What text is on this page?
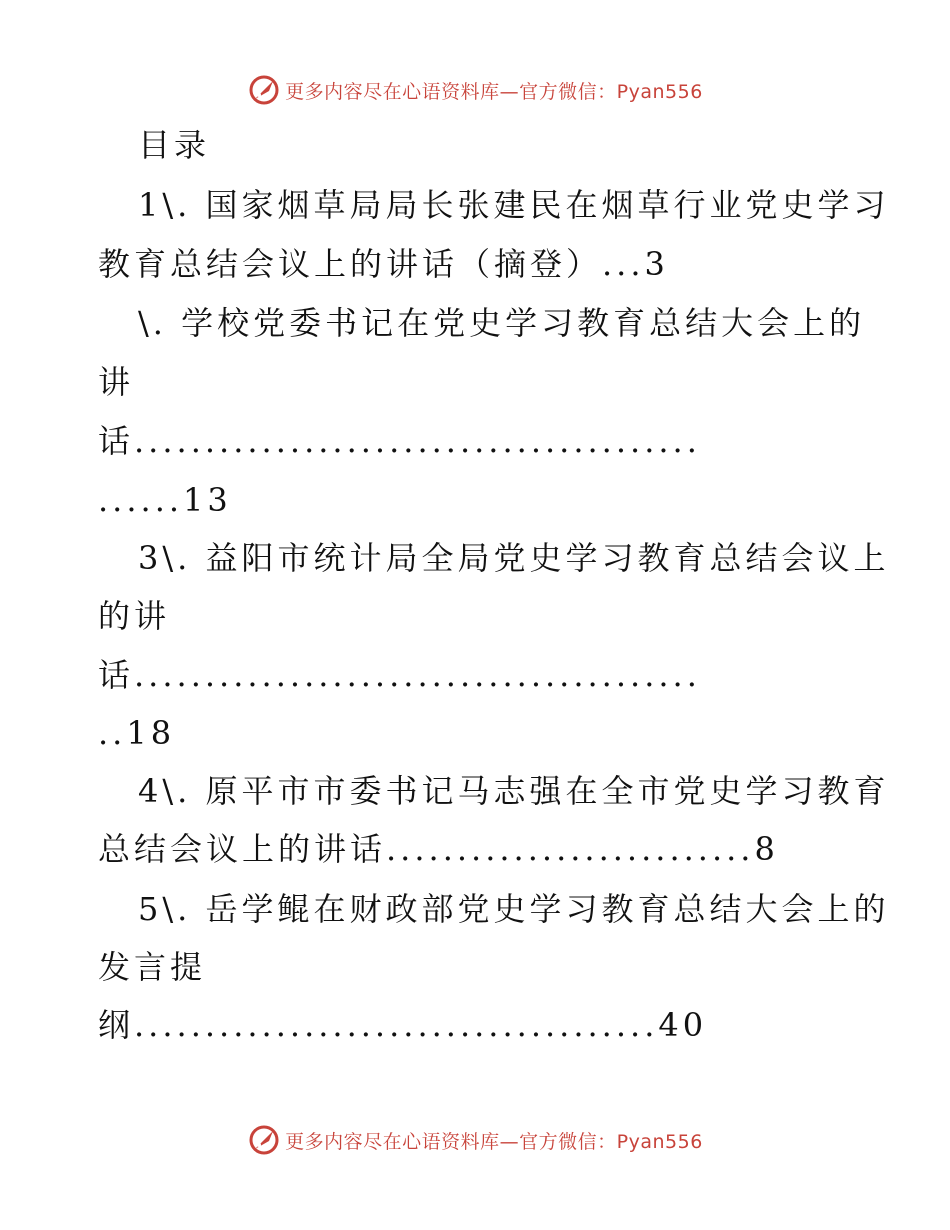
更多内容尽在心语资料库—官方微信：Pyan556
目录
1\. 国家烟草局局长张建民在烟草行业党史学习
教育总结会议上的讲话（摘登）...3
\. 学校党委书记在党史学习教育总结大会上的
讲
话........................................
......13
3\. 益阳市统计局全局党史学习教育总结会议上
的讲
话........................................
..18
4\. 原平市市委书记马志强在全市党史学习教育
总结会议上的讲话..........................8
5\. 岳学鲲在财政部党史学习教育总结大会上的
发言提
纲.....................................40
更多内容尽在心语资料库—官方微信：Pyan556
